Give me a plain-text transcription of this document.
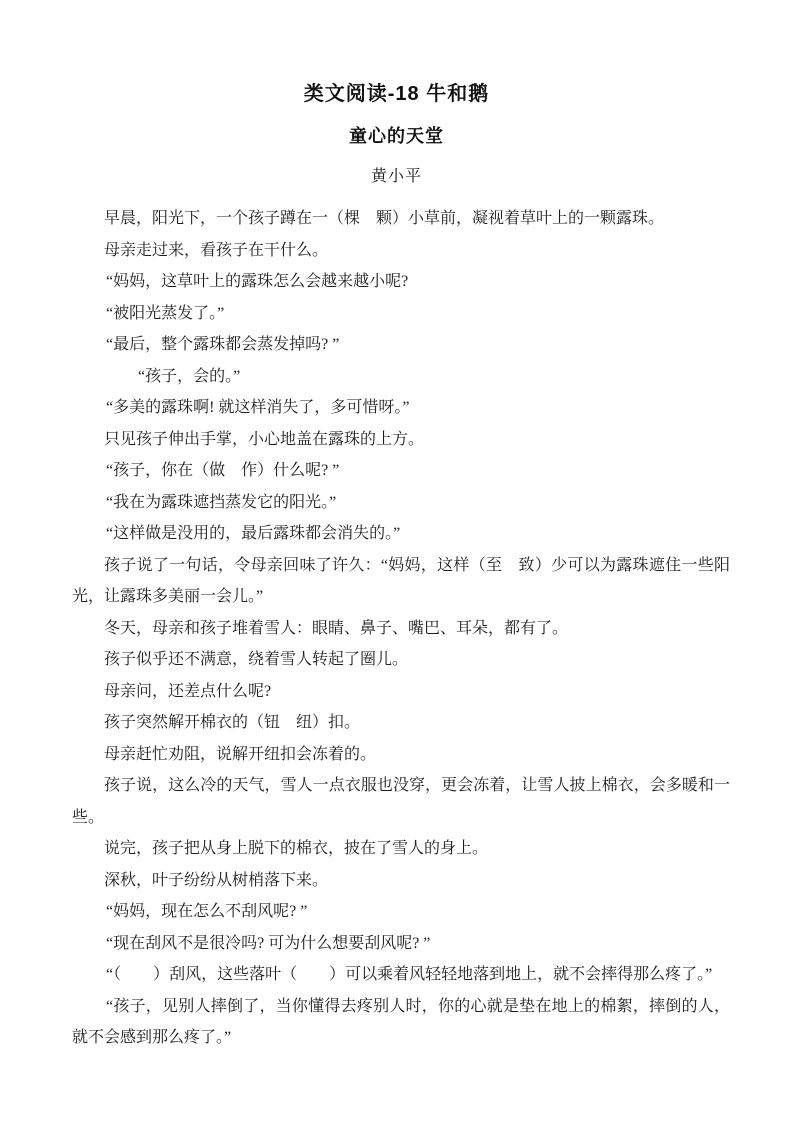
类文阅读-18 牛和鹅
童心的天堂
黄小平
早晨，阳光下，一个孩子蹲在一（棵　颗）小草前，凝视着草叶上的一颗露珠。
母亲走过来，看孩子在干什么。
“妈妈，这草叶上的露珠怎么会越来越小呢?
“被阳光蒸发了。”
“最后，整个露珠都会蒸发掉吗? ”
“孩子，会的。”
“多美的露珠啊! 就这样消失了，多可惜呀。”
只见孩子伸出手掌，小心地盖在露珠的上方。
“孩子，你在（做　作）什么呢? ”
“我在为露珠遮挡蒸发它的阳光。”
“这样做是没用的，最后露珠都会消失的。”
孩子说了一句话，令母亲回味了许久：“妈妈，这样（至　致）少可以为露珠遮住一些阳光，让露珠多美丽一会儿。”
冬天，母亲和孩子堆着雪人：眼睛、鼻子、嘴巴、耳朵，都有了。
孩子似乎还不满意，绕着雪人转起了圈儿。
母亲问，还差点什么呢?
孩子突然解开棉衣的（钮　纽）扣。
母亲赶忙劝阻，说解开纽扣会冻着的。
孩子说，这么冷的天气，雪人一点衣服也没穿，更会冻着，让雪人披上棉衣，会多暖和一些。
说完，孩子把从身上脱下的棉衣，披在了雪人的身上。
深秋，叶子纷纷从树梢落下来。
“妈妈，现在怎么不刮风呢? ”
“现在刮风不是很冷吗? 可为什么想要刮风呢? ”
“（　　）刮风，这些落叶（　　）可以乘着风轻轻地落到地上，就不会摔得那么疼了。”
“孩子，见别人摔倒了，当你懂得去疼别人时，你的心就是垫在地上的棉絮，摔倒的人，就不会感到那么疼了。”
